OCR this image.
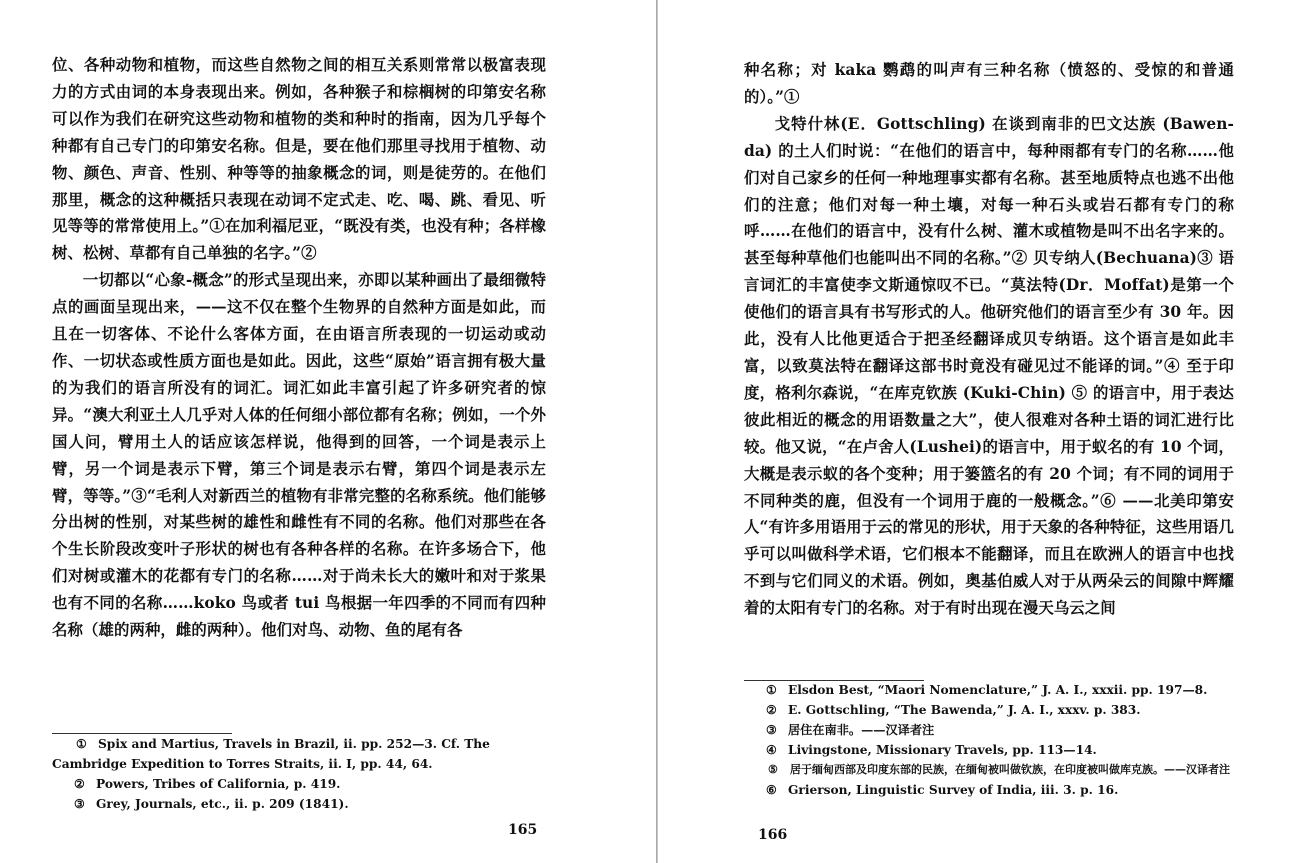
位、各种动物和植物，而这些自然物之间的相互关系则常常以极富表现力的方式由词的本身表现出来。例如，各种猴子和棕榈树的印第安名称可以作为我们在研究这些动物和植物的类和种时的指南，因为几乎每个种都有自己专门的印第安名称。但是，要在他们那里寻找用于植物、动物、颜色、声音、性别、种等等的抽象概念的词，则是徒劳的。在他们那里，概念的这种概括只表现在动词不定式走、吃、喝、跳、看见、听见等等的常常使用上。”①在加利福尼亚，“既没有类，也没有种；各样橡树、松树、草都有自己单独的名字。”②

一切都以“心象-概念”的形式呈现出来，亦即以某种画出了最细微特点的画面呈现出来，——这不仅在整个生物界的自然种方面是如此，而且在一切客体、不论什么客体方面，在由语言所表现的一切运动或动作、一切状态或性质方面也是如此。因此，这些“原始”语言拥有极大量的为我们的语言所没有的词汇。词汇如此丰富引起了许多研究者的惊异。“澳大利亚土人几乎对人体的任何细小部位都有名称；例如，一个外国人问，臂用土人的话应该怎样说，他得到的回答，一个词是表示上臂，另一个词是表示下臂，第三个词是表示右臂，第四个词是表示左臂，等等。”③“毛利人对新西兰的植物有非常完整的名称系统。他们能够分出树的性别，对某些树的雄性和雌性有不同的名称。他们对那些在各个生长阶段改变叶子形状的树也有各种各样的名称。在许多场合下，他们对树或灌木的花都有专门的名称……对于尚未长大的嫩叶和对于浆果也有不同的名称……koko 鸟或者 tui 鸟根据一年四季的不同而有四种名称（雄的两种，雌的两种）。他们对鸟、动物、鱼的尾有各

① Spix and Martius, Travels in Brazil, ii. pp. 252—3. Cf. The Cambridge Expedition to Torres Straits, ii. I, pp. 44, 64.
② Powers, Tribes of California, p. 419.
③ Grey, Journals, etc., ii. p. 209 (1841).
165

种名称；对 kaka 鹦鹉的叫声有三种名称（愤怒的、受惊的和普通的）。”①

戈特什林(E．Gottschling) 在谈到南非的巴文达族 (Bawen-da) 的土人们时说：“在他们的语言中，每种雨都有专门的名称……他们对自己家乡的任何一种地理事实都有名称。甚至地质特点也逃不出他们的注意；他们对每一种土壤，对每一种石头或岩石都有专门的称呼……在他们的语言中，没有什么树、灌木或植物是叫不出名字来的。甚至每种草他们也能叫出不同的名称。”② 贝专纳人(Bechuana)③ 语言词汇的丰富使李文斯通惊叹不已。“莫法特(Dr．Moffat)是第一个使他们的语言具有书写形式的人。他研究他们的语言至少有 30 年。因此，没有人比他更适合于把圣经翻译成贝专纳语。这个语言是如此丰富，以致莫法特在翻译这部书时竟没有碰见过不能译的词。”④ 至于印度，格利尔森说，“在库克钦族 (Kuki-Chin) ⑤ 的语言中，用于表达彼此相近的概念的用语数量之大”，使人很难对各种土语的词汇进行比较。他又说，“在卢舍人(Lushei)的语言中，用于蚁名的有 10 个词，大概是表示蚁的各个变种；用于篓篮名的有 20 个词；有不同的词用于不同种类的鹿，但没有一个词用于鹿的一般概念。”⑥ ——北美印第安人“有许多用语用于云的常见的形状，用于天象的各种特征，这些用语几乎可以叫做科学术语，它们根本不能翻译，而且在欧洲人的语言中也找不到与它们同义的术语。例如，奥基伯威人对于从两朵云的间隙中辉耀着的太阳有专门的名称。对于有时出现在漫天乌云之间

① Elsdon Best, “Maori Nomenclature,” J. A. I., xxxii. pp. 197—8.
② E. Gottschling, “The Bawenda,” J. A. I., xxxv. p. 383.
③ 居住在南非。——汉译者注
④ Livingstone, Missionary Travels, pp. 113—14.
⑤ 居于缅甸西部及印度东部的民族，在缅甸被叫做钦族，在印度被叫做库克族。——汉译者注
⑥ Grierson, Linguistic Survey of India, iii. 3. p. 16.
166
